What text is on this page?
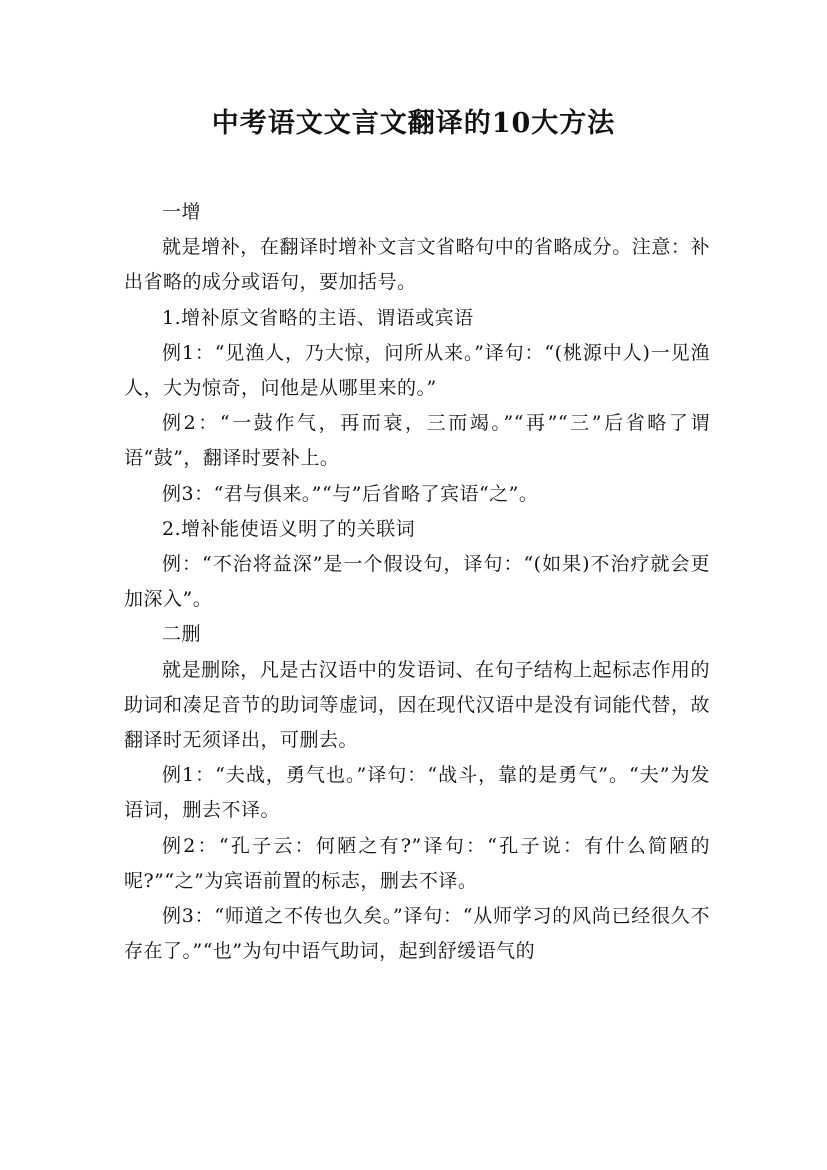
中考语文文言文翻译的10大方法

一增

就是增补，在翻译时增补文言文省略句中的省略成分。注意：补出省略的成分或语句，要加括号。

1.增补原文省略的主语、谓语或宾语

例1：“见渔人，乃大惊，问所从来。”译句：“(桃源中人)一见渔人，大为惊奇，问他是从哪里来的。”

例2：“一鼓作气，再而衰，三而竭。”“再”“三”后省略了谓语“鼓”，翻译时要补上。

例3：“君与俱来。”“与”后省略了宾语“之”。

2.增补能使语义明了的关联词

例：“不治将益深”是一个假设句，译句：“(如果)不治疗就会更加深入”。

二删

就是删除，凡是古汉语中的发语词、在句子结构上起标志作用的助词和凑足音节的助词等虚词，因在现代汉语中是没有词能代替，故翻译时无须译出，可删去。

例1：“夫战，勇气也。”译句：“战斗，靠的是勇气”。“夫”为发语词，删去不译。

例2：“孔子云：何陋之有?”译句：“孔子说：有什么简陋的呢?”“之”为宾语前置的标志，删去不译。

例3：“师道之不传也久矣。”译句：“从师学习的风尚已经很久不存在了。”“也”为句中语气助词，起到舒缓语气的
